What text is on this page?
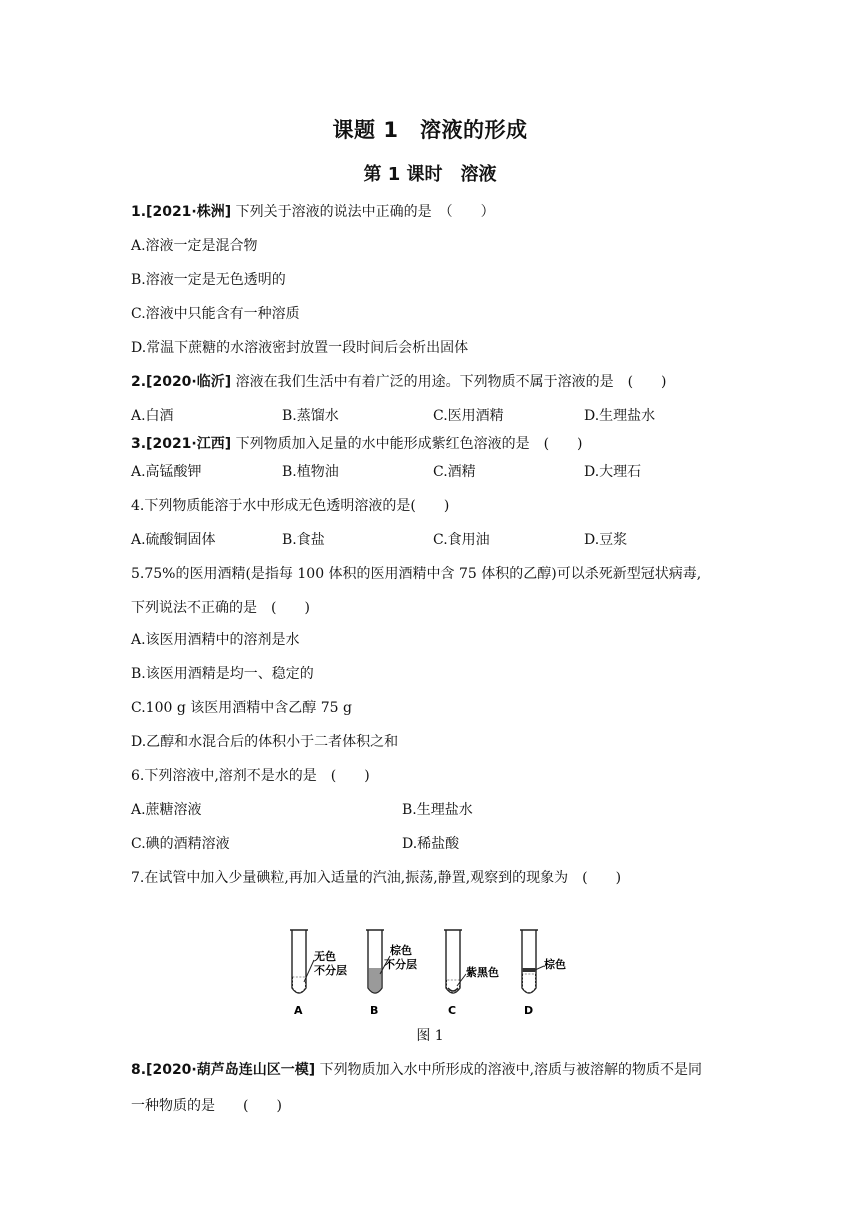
课题 1　溶液的形成
第 1 课时　溶液
1.[2021·株洲] 下列关于溶液的说法中正确的是　（　　）
A.溶液一定是混合物
B.溶液一定是无色透明的
C.溶液中只能含有一种溶质
D.常温下蔗糖的水溶液密封放置一段时间后会析出固体
2.[2020·临沂] 溶液在我们生活中有着广泛的用途。下列物质不属于溶液的是　(　　)
A.白酒	B.蒸馏水	C.医用酒精	D.生理盐水
3.[2021·江西] 下列物质加入足量的水中能形成紫红色溶液的是　(　　)
A.高锰酸钾	B.植物油	C.酒精	D.大理石
4.下列物质能溶于水中形成无色透明溶液的是(　　)
A.硫酸铜固体	B.食盐	C.食用油	D.豆浆
5.75%的医用酒精(是指每 100 体积的医用酒精中含 75 体积的乙醇)可以杀死新型冠状病毒,
下列说法不正确的是　(　　)
A.该医用酒精中的溶剂是水
B.该医用酒精是均一、稳定的
C.100 g 该医用酒精中含乙醇 75 g
D.乙醇和水混合后的体积小于二者体积之和
6.下列溶液中,溶剂不是水的是　(　　)
A.蔗糖溶液	B.生理盐水
C.碘的酒精溶液	D.稀盐酸
7.在试管中加入少量碘粒,再加入适量的汽油,振荡,静置,观察到的现象为　(　　)
无色
不分层
A
棕色
不分层
B
紫黑色
C
棕色
D
图 1
8.[2020·葫芦岛连山区一模] 下列物质加入水中所形成的溶液中,溶质与被溶解的物质不是同
一种物质的是　　(　　)
